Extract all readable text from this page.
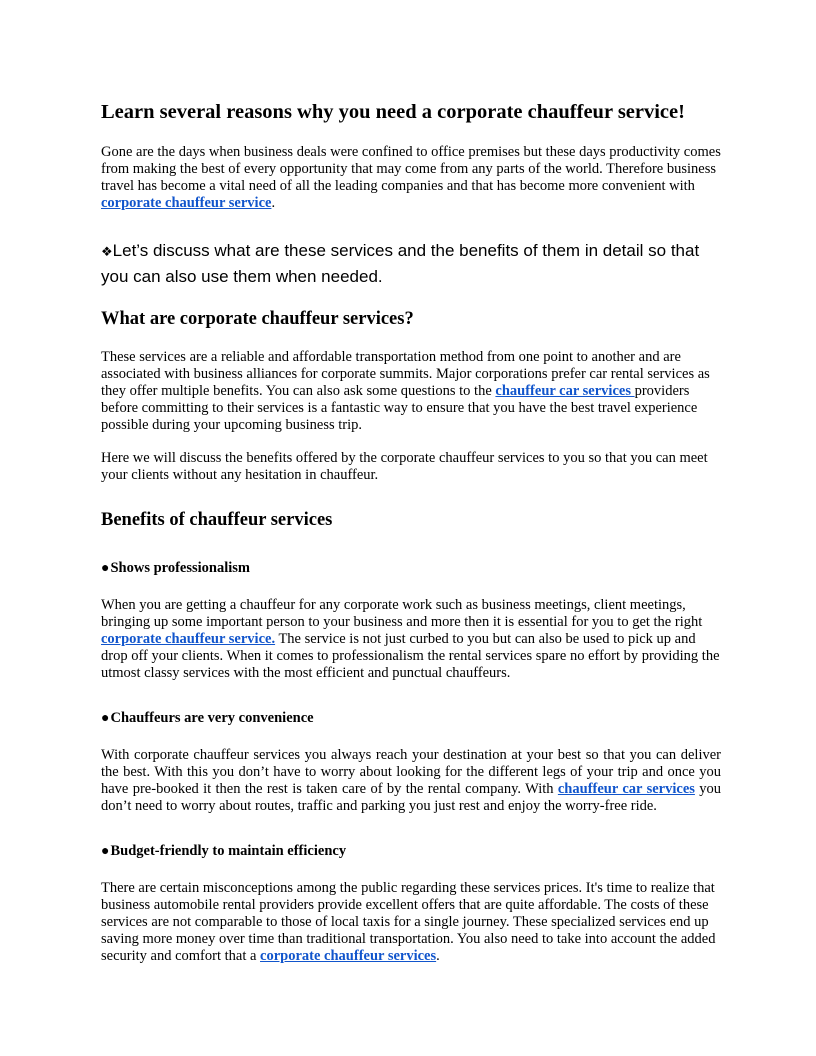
Learn several reasons why you need a corporate chauffeur service!

Gone are the days when business deals were confined to office premises but these days productivity comes from making the best of every opportunity that may come from any parts of the world. Therefore business travel has become a vital need of all the leading companies and that has become more convenient with corporate chauffeur service.

❖Let’s discuss what are these services and the benefits of them in detail so that you can also use them when needed.
What are corporate chauffeur services?

These services are a reliable and affordable transportation method from one point to another and are associated with business alliances for corporate summits. Major corporations prefer car rental services as they offer multiple benefits. You can also ask some questions to the chauffeur car services providers before committing to their services is a fantastic way to ensure that you have the best travel experience possible during your upcoming business trip.

Here we will discuss the benefits offered by the corporate chauffeur services to you so that you can meet your clients without any hesitation in chauffeur.

Benefits of chauffeur services
●Shows professionalism

When you are getting a chauffeur for any corporate work such as business meetings, client meetings, bringing up some important person to your business and more then it is essential for you to get the right corporate chauffeur service. The service is not just curbed to you but can also be used to pick up and drop off your clients. When it comes to professionalism the rental services spare no effort by providing the utmost classy services with the most efficient and punctual chauffeurs.

●Chauffeurs are very convenience

With corporate chauffeur services you always reach your destination at your best so that you can deliver the best. With this you don’t have to worry about looking for the different legs of your trip and once you have pre-booked it then the rest is taken care of by the rental company. With chauffeur car services you don’t need to worry about routes, traffic and parking you just rest and enjoy the worry-free ride.

●Budget-friendly to maintain efficiency

There are certain misconceptions among the public regarding these services prices. It's time to realize that business automobile rental providers provide excellent offers that are quite affordable. The costs of these services are not comparable to those of local taxis for a single journey. These specialized services end up saving more money over time than traditional transportation. You also need to take into account the added security and comfort that a corporate chauffeur services.
